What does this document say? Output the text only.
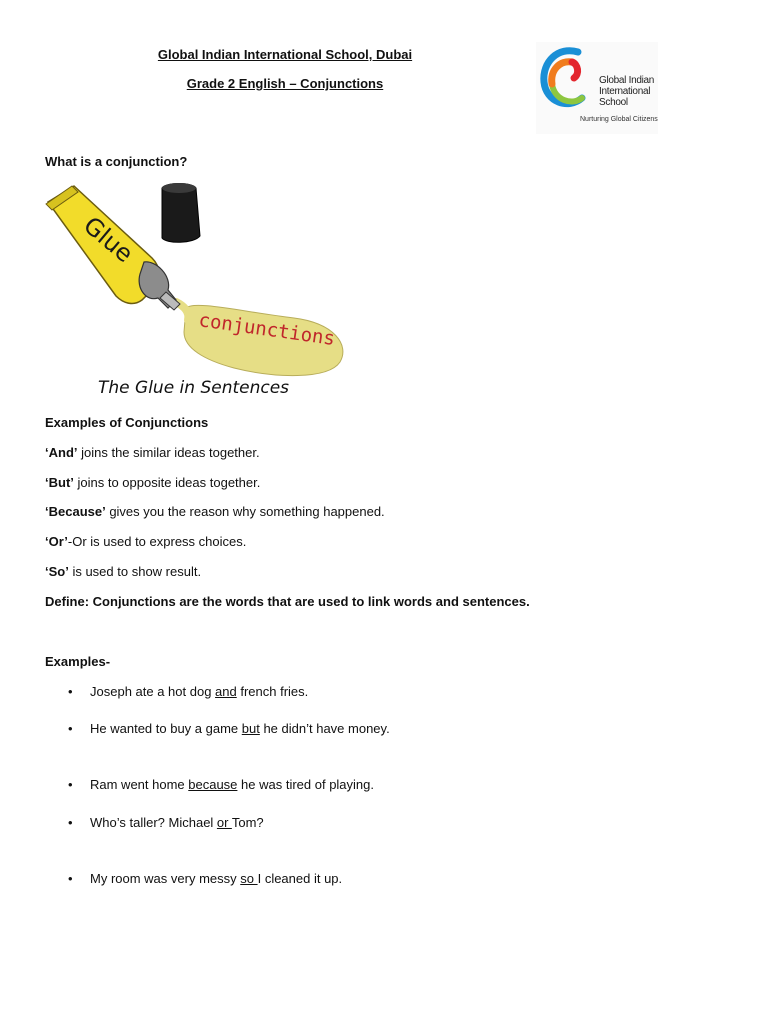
Global Indian International School, Dubai
Grade 2 English – Conjunctions	Global Indian
International
School
Nurturing Global Citizens
What is a conjunction?
Glue
conjunctions
The Glue in Sentences
Examples of Conjunctions
‘And’ joins the similar ideas together.
‘But’ joins to opposite ideas together.
‘Because’ gives you the reason why something happened.
‘Or’-Or is used to express choices.
‘So’ is used to show result.
Define: Conjunctions are the words that are used to link words and sentences.
Examples-
• Joseph ate a hot dog and french fries.
• He wanted to buy a game but he didn’t have money.
• Ram went home because he was tired of playing.
• Who’s taller? Michael or Tom?
• My room was very messy so I cleaned it up.
